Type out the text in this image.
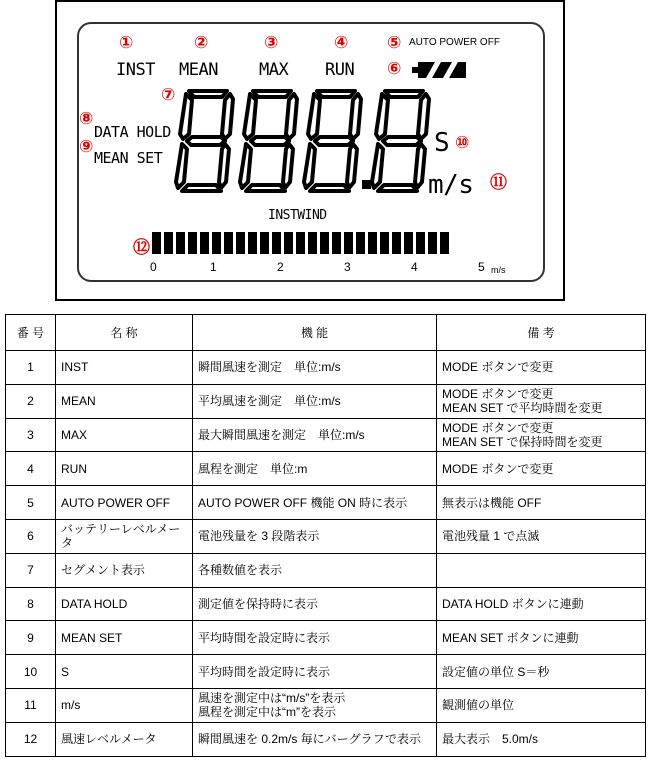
①	②	③	④ ⑤
⑥
⑦
⑧
⑨	⑩
⑪
⑫
INST MEAN MAX RUN
AUTO POWER OFF
DATA HOLD
MEAN SET	S
m/s
INSTWIND
0	1	2	3	4	5 m/s
番 号	名 称	機 能	備 考
1	INST	瞬間風速を測定　単位:m/s	MODE ボタンで変更
2	MEAN	平均風速を測定　単位:m/s	MODE ボタンで変更
MEAN SET で平均時間を変更
3	MAX	最大瞬間風速を測定　単位:m/s	MODE ボタンで変更
MEAN SET で保持時間を変更
4	RUN	風程を測定　単位:m	MODE ボタンで変更
5	AUTO POWER OFF	AUTO POWER OFF 機能 ON 時に表示	無表示は機能 OFF
6	バッテリーレベルメータ	電池残量を 3 段階表示	電池残量 1 で点滅
7	セグメント表示	各種数値を表示	
8	DATA HOLD	測定値を保持時に表示	DATA HOLD ボタンに連動
9	MEAN SET	平均時間を設定時に表示	MEAN SET ボタンに連動
10	S	平均時間を設定時に表示	設定値の単位 S＝秒
11	m/s	風速を測定中は“m/s”を表示
風程を測定中は“m”を表示	観測値の単位
12	風速レベルメータ	瞬間風速を 0.2m/s 毎にバーグラフで表示	最大表示　5.0m/s
